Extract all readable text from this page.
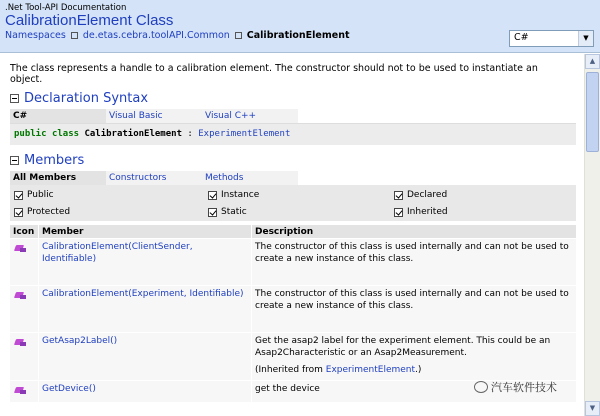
.Net Tool-API Documentation
CalibrationElement Class
Namespaces de.etas.cebra.toolAPI.Common CalibrationElement	C#	▼

The class represents a handle to a calibration element. The constructor should not to be used to instantiate an object.

Declaration Syntax
C#	Visual Basic	Visual C++
public class CalibrationElement : ExperimentElement
Members
All Members	Constructors	Methods
Public
Protected
Instance
Static
Declared
Inherited
Icon	Member	Description
	CalibrationElement(ClientSender, Identifiable)	The constructor of this class is used internally and can not be used to create a new instance of this class.
	CalibrationElement(Experiment, Identifiable)	The constructor of this class is used internally and can not be used to create a new instance of this class.
	GetAsap2Label()	Get the asap2 label for the experiment element. This could be an Asap2Characteristic or an Asap2Measurement.
(Inherited from ExperimentElement.)

	GetDevice()	get the device
▲
▼
汽车软件技术
